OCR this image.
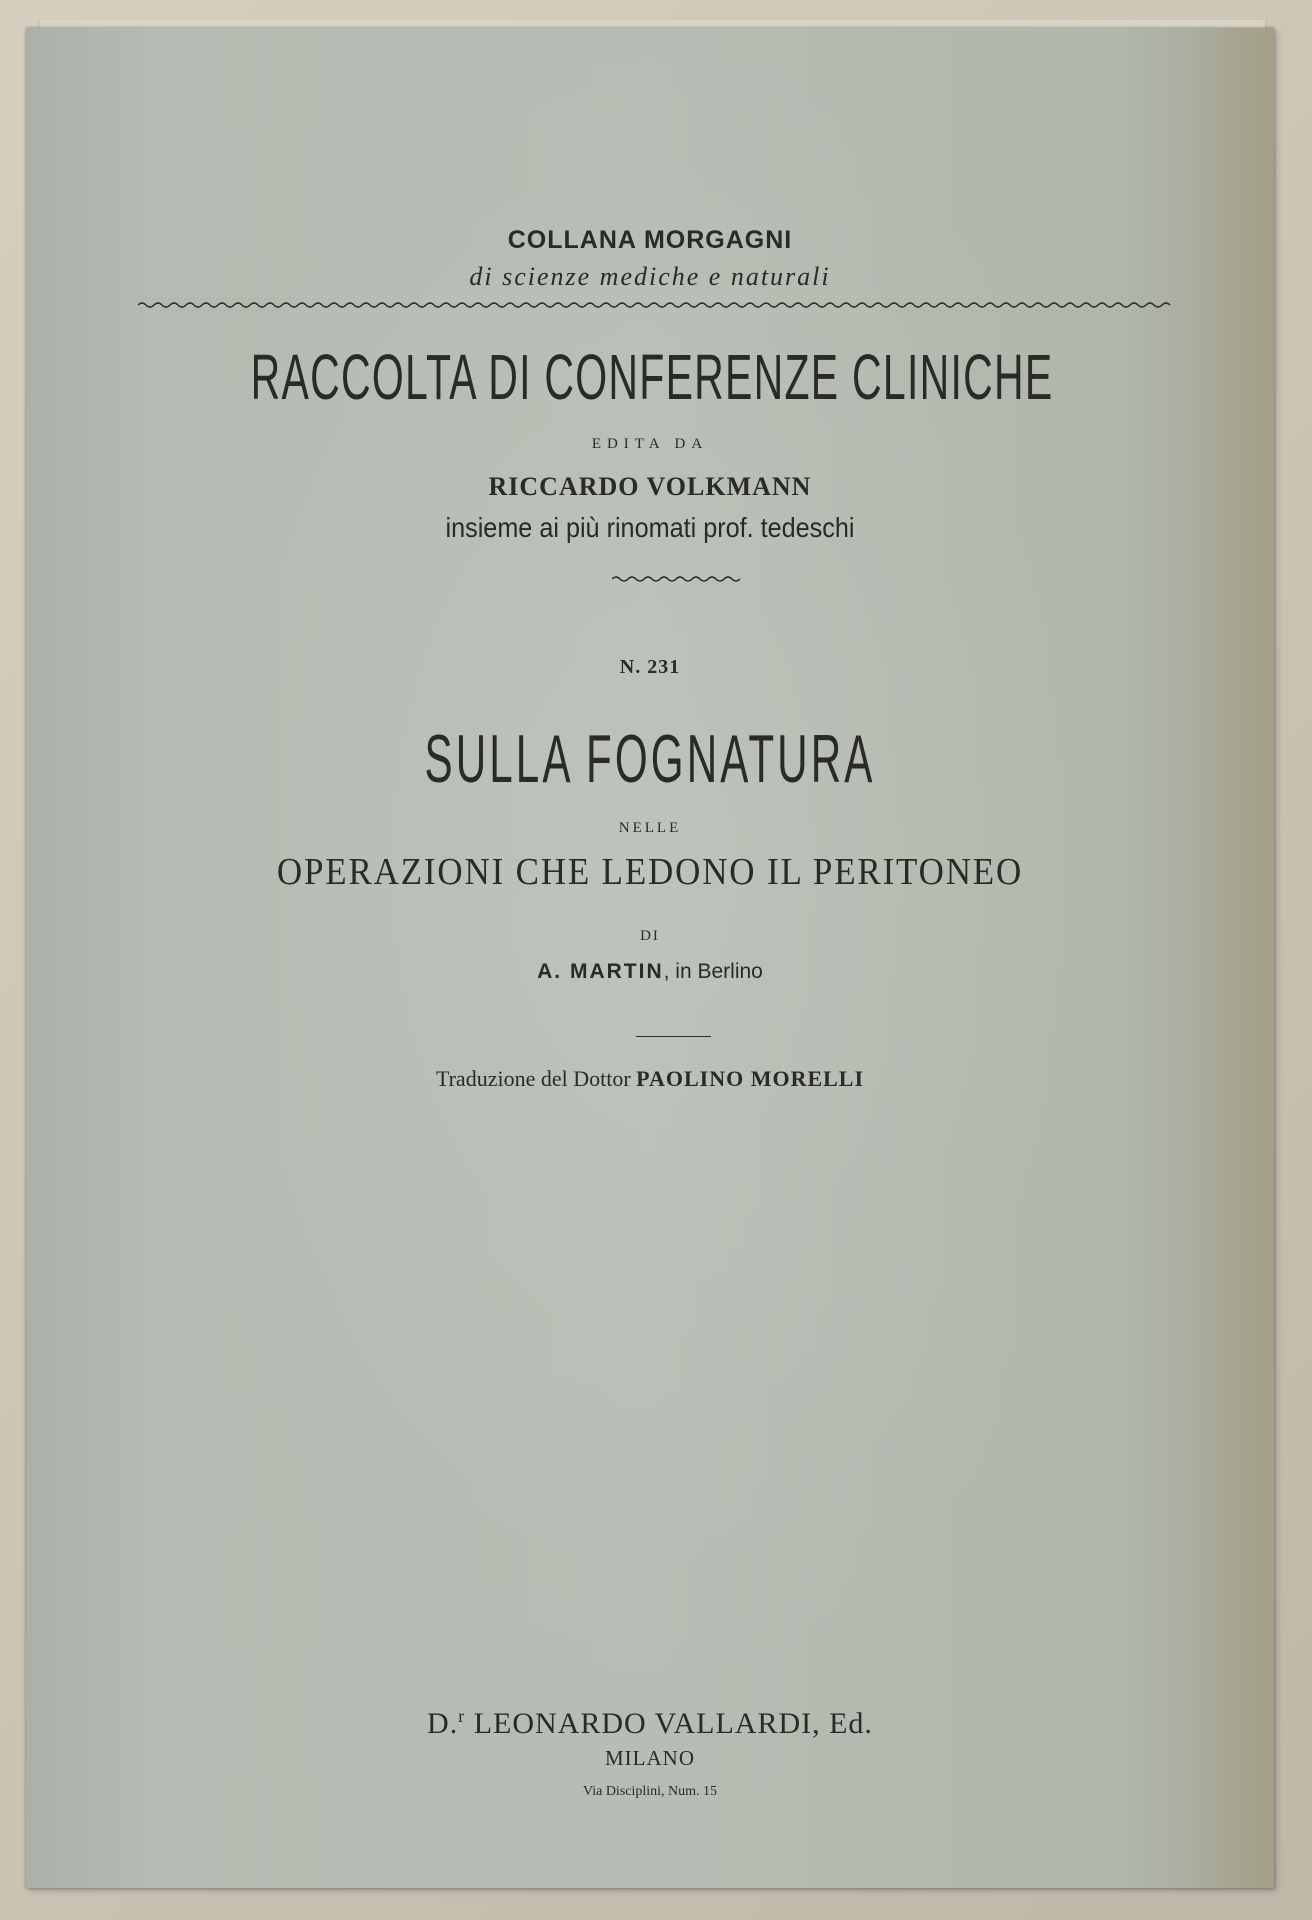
COLLANA MORGAGNI
di scienze mediche e naturali
RACCOLTA DI CONFERENZE CLINICHE
EDITA DA
RICCARDO VOLKMANN
insieme ai più rinomati prof. tedeschi
N. 231
SULLA FOGNATURA
NELLE
OPERAZIONI CHE LEDONO IL PERITONEO
DI
A. MARTIN, in Berlino
Traduzione del Dottor PAOLINO MORELLI
D.$^r$ LEONARDO VALLARDI, Ed.
MILANO
Via Disciplini, Num. 15
